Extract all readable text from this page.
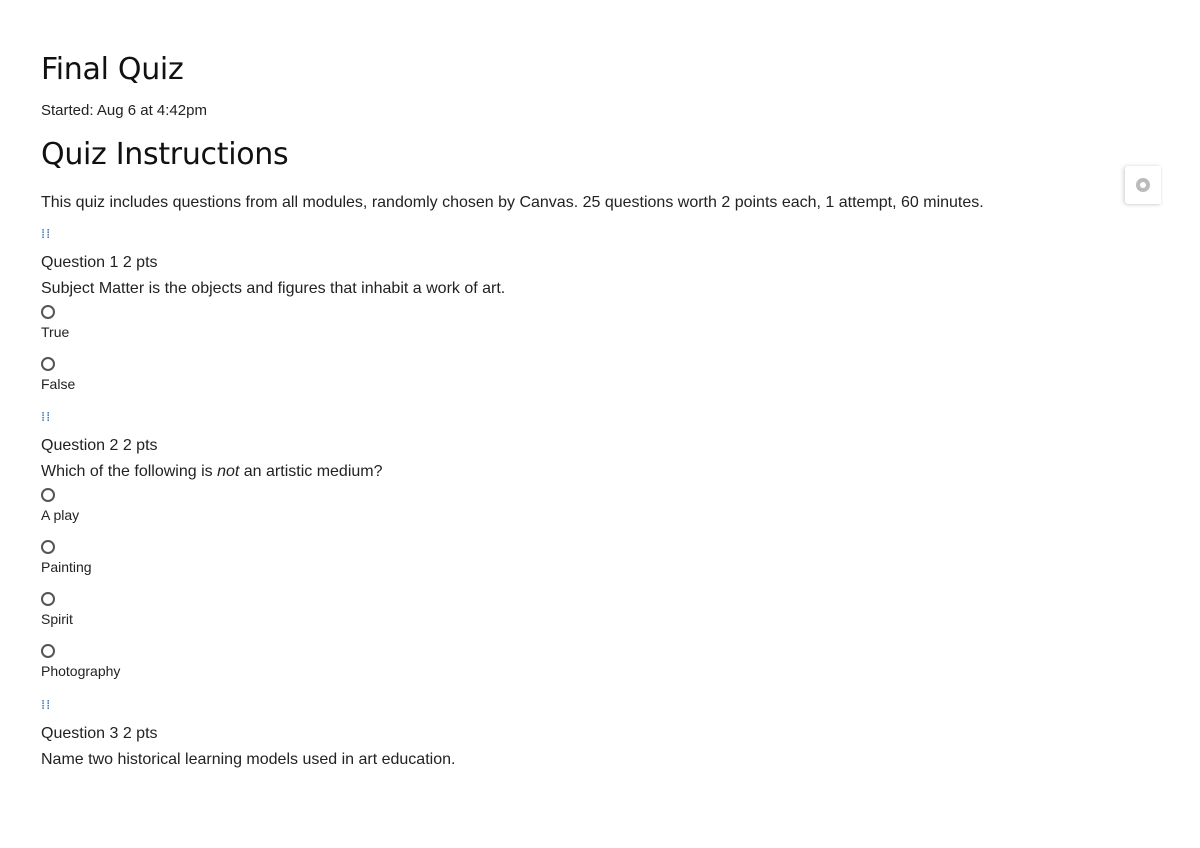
Final Quiz
Started: Aug 6 at 4:42pm
Quiz Instructions
This quiz includes questions from all modules, randomly chosen by Canvas. 25 questions worth 2 points each, 1 attempt, 60 minutes.
⁞⁞
Question 1 2 pts
Subject Matter is the objects and figures that inhabit a work of art.
True
False
⁞⁞
Question 2 2 pts
Which of the following is not an artistic medium?
A play
Painting
Spirit
Photography
⁞⁞
Question 3 2 pts
Name two historical learning models used in art education.
